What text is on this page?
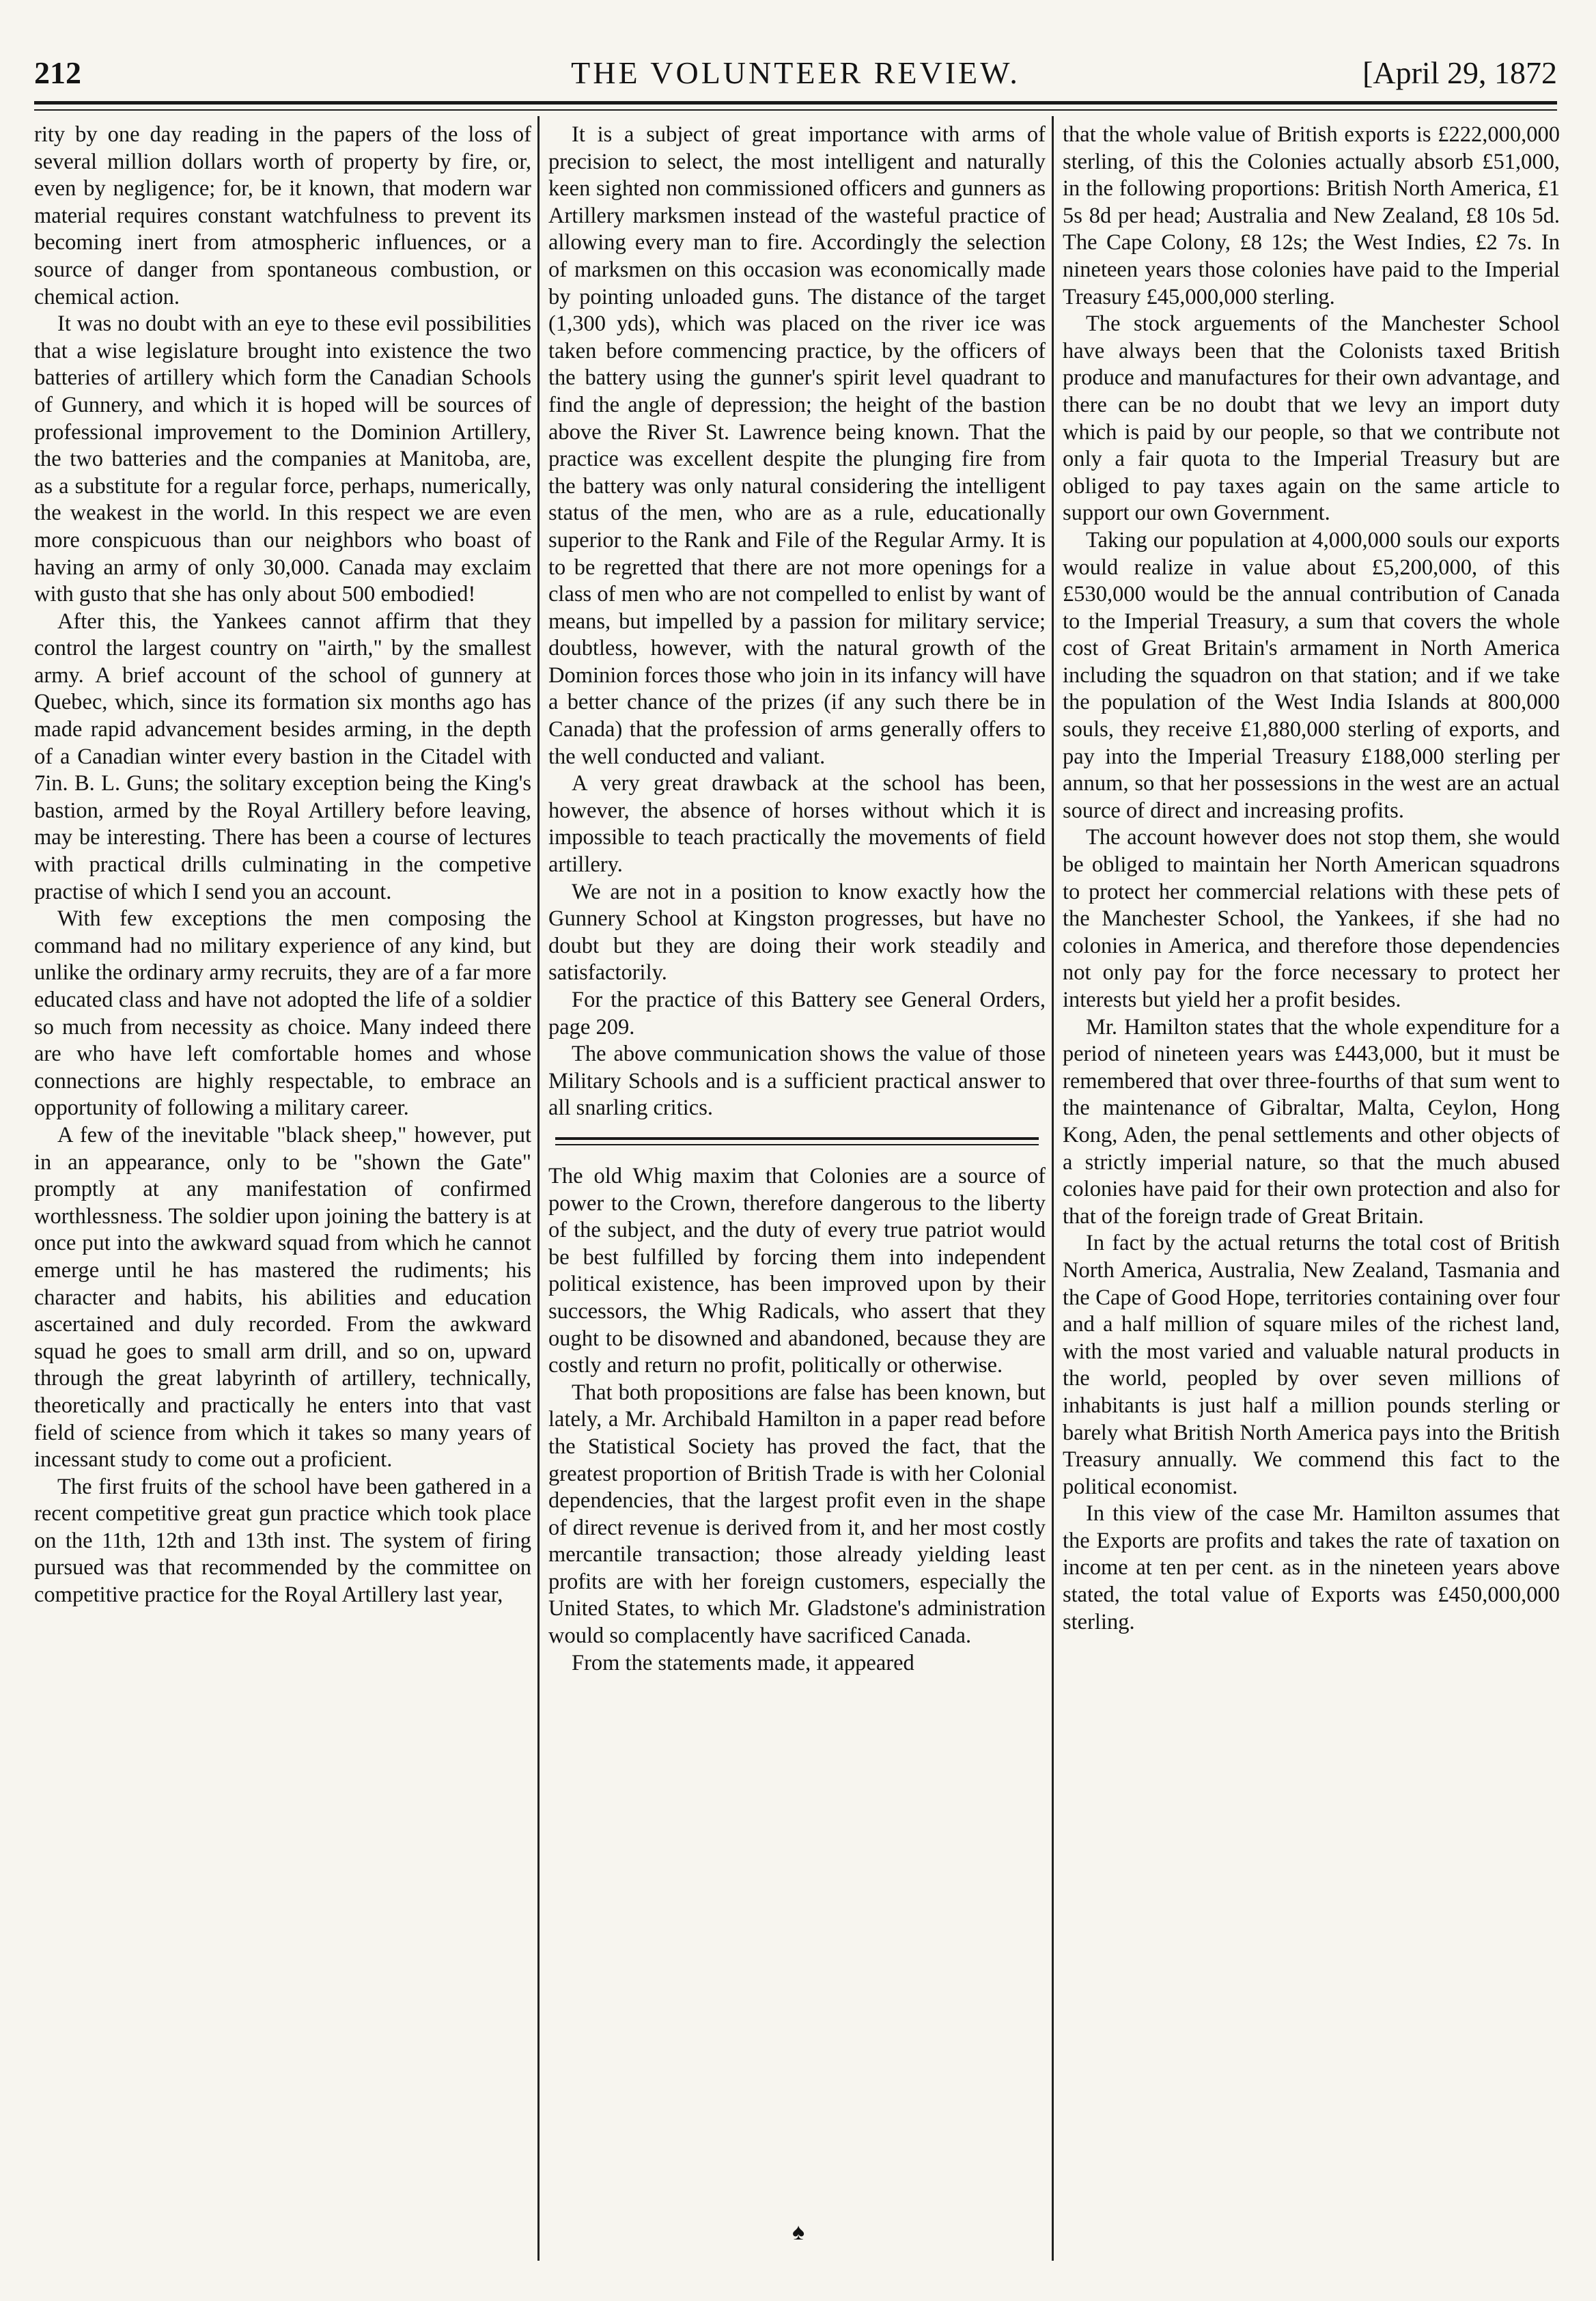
212	THE VOLUNTEER REVIEW.	[April 29, 1872

rity by one day reading in the papers of the loss of several million dollars worth of property by fire, or, even by negligence; for, be it known, that modern war material requires constant watchfulness to prevent its becoming inert from atmospheric influences, or a source of danger from spontaneous combustion, or chemical action.

It was no doubt with an eye to these evil possibilities that a wise legislature brought into existence the two batteries of artillery which form the Canadian Schools of Gunnery, and which it is hoped will be sources of professional improvement to the Dominion Artillery, the two batteries and the companies at Manitoba, are, as a substitute for a regular force, perhaps, numerically, the weakest in the world. In this respect we are even more conspicuous than our neighbors who boast of having an army of only 30,000. Canada may exclaim with gusto that she has only about 500 embodied!

After this, the Yankees cannot affirm that they control the largest country on "airth," by the smallest army. A brief account of the school of gunnery at Quebec, which, since its formation six months ago has made rapid advancement besides arming, in the depth of a Canadian winter every bastion in the Citadel with 7in. B. L. Guns; the solitary exception being the King's bastion, armed by the Royal Artillery before leaving, may be interesting. There has been a course of lectures with practical drills culminating in the competive practise of which I send you an account.

With few exceptions the men composing the command had no military experience of any kind, but unlike the ordinary army recruits, they are of a far more educated class and have not adopted the life of a soldier so much from necessity as choice. Many indeed there are who have left comfortable homes and whose connections are highly respectable, to embrace an opportunity of following a military career.

A few of the inevitable "black sheep," however, put in an appearance, only to be "shown the Gate" promptly at any manifestation of confirmed worthlessness. The soldier upon joining the battery is at once put into the awkward squad from which he cannot emerge until he has mastered the rudiments; his character and habits, his abilities and education ascertained and duly recorded. From the awkward squad he goes to small arm drill, and so on, upward through the great labyrinth of artillery, technically, theoretically and practically he enters into that vast field of science from which it takes so many years of incessant study to come out a proficient.

The first fruits of the school have been gathered in a recent competitive great gun practice which took place on the 11th, 12th and 13th inst. The system of firing pursued was that recommended by the committee on competitive practice for the Royal Artillery last year,

It is a subject of great importance with arms of precision to select, the most intelligent and naturally keen sighted non commissioned officers and gunners as Artillery marksmen instead of the wasteful practice of allowing every man to fire. Accordingly the selection of marksmen on this occasion was economically made by pointing unloaded guns. The distance of the target (1,300 yds), which was placed on the river ice was taken before commencing practice, by the officers of the battery using the gunner's spirit level quadrant to find the angle of depression; the height of the bastion above the River St. Lawrence being known. That the practice was excellent despite the plunging fire from the battery was only natural considering the intelligent status of the men, who are as a rule, educationally superior to the Rank and File of the Regular Army. It is to be regretted that there are not more openings for a class of men who are not compelled to enlist by want of means, but impelled by a passion for military service; doubtless, however, with the natural growth of the Dominion forces those who join in its infancy will have a better chance of the prizes (if any such there be in Canada) that the profession of arms generally offers to the well conducted and valiant.

A very great drawback at the school has been, however, the absence of horses without which it is impossible to teach practically the movements of field artillery.

We are not in a position to know exactly how the Gunnery School at Kingston progresses, but have no doubt but they are doing their work steadily and satisfactorily.

For the practice of this Battery see General Orders, page 209.

The above communication shows the value of those Military Schools and is a sufficient practical answer to all snarling critics.

The old Whig maxim that Colonies are a source of power to the Crown, therefore dangerous to the liberty of the subject, and the duty of every true patriot would be best fulfilled by forcing them into independent political existence, has been improved upon by their successors, the Whig Radicals, who assert that they ought to be disowned and abandoned, because they are costly and return no profit, politically or otherwise.

That both propositions are false has been known, but lately, a Mr. Archibald Hamilton in a paper read before the Statistical Society has proved the fact, that the greatest proportion of British Trade is with her Colonial dependencies, that the largest profit even in the shape of direct revenue is derived from it, and her most costly mercantile transaction; those already yielding least profits are with her foreign customers, especially the United States, to which Mr. Gladstone's administration would so complacently have sacrificed Canada.

From the statements made, it appeared

that the whole value of British exports is £222,000,000 sterling, of this the Colonies actually absorb £51,000, in the following proportions: British North America, £1 5s 8d per head; Australia and New Zealand, £8 10s 5d. The Cape Colony, £8 12s; the West Indies, £2 7s. In nineteen years those colonies have paid to the Imperial Treasury £45,000,000 sterling.

The stock arguements of the Manchester School have always been that the Colonists taxed British produce and manufactures for their own advantage, and there can be no doubt that we levy an import duty which is paid by our people, so that we contribute not only a fair quota to the Imperial Treasury but are obliged to pay taxes again on the same article to support our own Government.

Taking our population at 4,000,000 souls our exports would realize in value about £5,200,000, of this £530,000 would be the annual contribution of Canada to the Imperial Treasury, a sum that covers the whole cost of Great Britain's armament in North America including the squadron on that station; and if we take the population of the West India Islands at 800,000 souls, they receive £1,880,000 sterling of exports, and pay into the Imperial Treasury £188,000 sterling per annum, so that her possessions in the west are an actual source of direct and increasing profits.

The account however does not stop them, she would be obliged to maintain her North American squadrons to protect her commercial relations with these pets of the Manchester School, the Yankees, if she had no colonies in America, and therefore those dependencies not only pay for the force necessary to protect her interests but yield her a profit besides.

Mr. Hamilton states that the whole expenditure for a period of nineteen years was £443,000, but it must be remembered that over three-fourths of that sum went to the maintenance of Gibraltar, Malta, Ceylon, Hong Kong, Aden, the penal settlements and other objects of a strictly imperial nature, so that the much abused colonies have paid for their own protection and also for that of the foreign trade of Great Britain.

In fact by the actual returns the total cost of British North America, Australia, New Zealand, Tasmania and the Cape of Good Hope, territories containing over four and a half million of square miles of the richest land, with the most varied and valuable natural products in the world, peopled by over seven millions of inhabitants is just half a million pounds sterling or barely what British North America pays into the British Treasury annually. We commend this fact to the political economist.

In this view of the case Mr. Hamilton assumes that the Exports are profits and takes the rate of taxation on income at ten per cent. as in the nineteen years above stated, the total value of Exports was £450,000,000 sterling.

♠
